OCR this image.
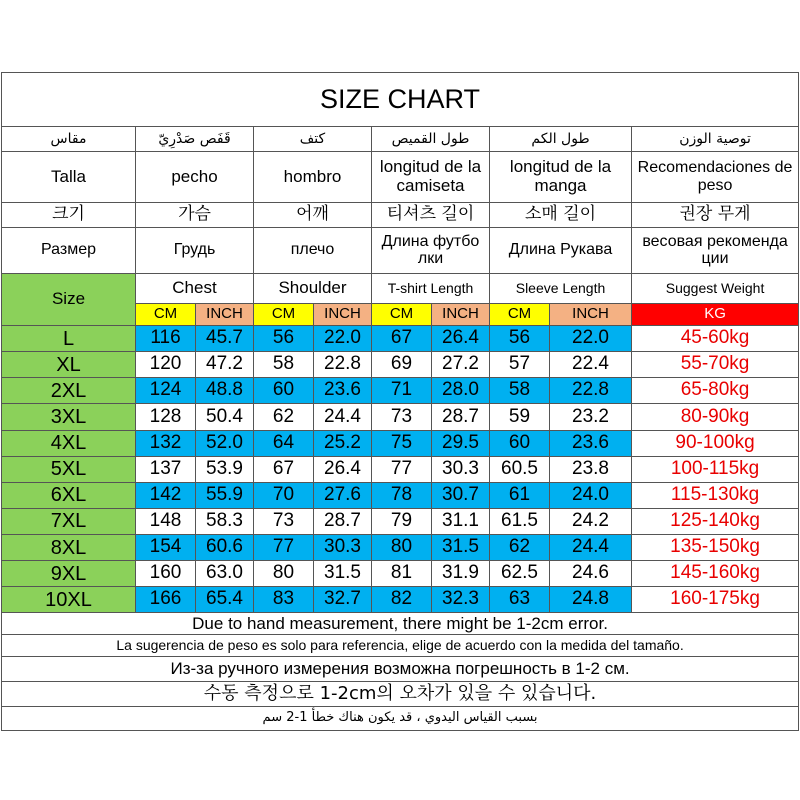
SIZE CHART									
مقاس	قَفَص صَدْرِيّ		كتف		طول القميص		طول الكم		توصية الوزن
Talla	pecho		hombro		longitud de la camiseta		longitud de la manga		Recomendaciones de peso
크기	가슴		어깨		티셔츠 길이		소매 길이		권장 무게
Размер	Грудь		плечо		Длина футбо лки		Длина Рукава		весовая рекоменда ции
Size	Chest		Shoulder		T-shirt Length		Sleeve Length		Suggest Weight
	CM	INCH	CM	INCH	CM	INCH	CM	INCH	KG
L	116	45.7	56	22.0	67	26.4	56	22.0	45-60kg
XL	120	47.2	58	22.8	69	27.2	57	22.4	55-70kg
2XL	124	48.8	60	23.6	71	28.0	58	22.8	65-80kg
3XL	128	50.4	62	24.4	73	28.7	59	23.2	80-90kg
4XL	132	52.0	64	25.2	75	29.5	60	23.6	90-100kg
5XL	137	53.9	67	26.4	77	30.3	60.5	23.8	100-115kg
6XL	142	55.9	70	27.6	78	30.7	61	24.0	115-130kg
7XL	148	58.3	73	28.7	79	31.1	61.5	24.2	125-140kg
8XL	154	60.6	77	30.3	80	31.5	62	24.4	135-150kg
9XL	160	63.0	80	31.5	81	31.9	62.5	24.6	145-160kg
10XL	166	65.4	83	32.7	82	32.3	63	24.8	160-175kg
Due to hand measurement, there might be 1-2cm error.									
La sugerencia de peso es solo para referencia, elige de acuerdo con la medida del tamaño.									
Из-за ручного измерения возможна погрешность в 1-2 см.									
수동 측정으로 1-2cm의 오차가 있을 수 있습니다.									
بسبب القياس اليدوي ، قد يكون هناك خطأ 1-2 سم									
